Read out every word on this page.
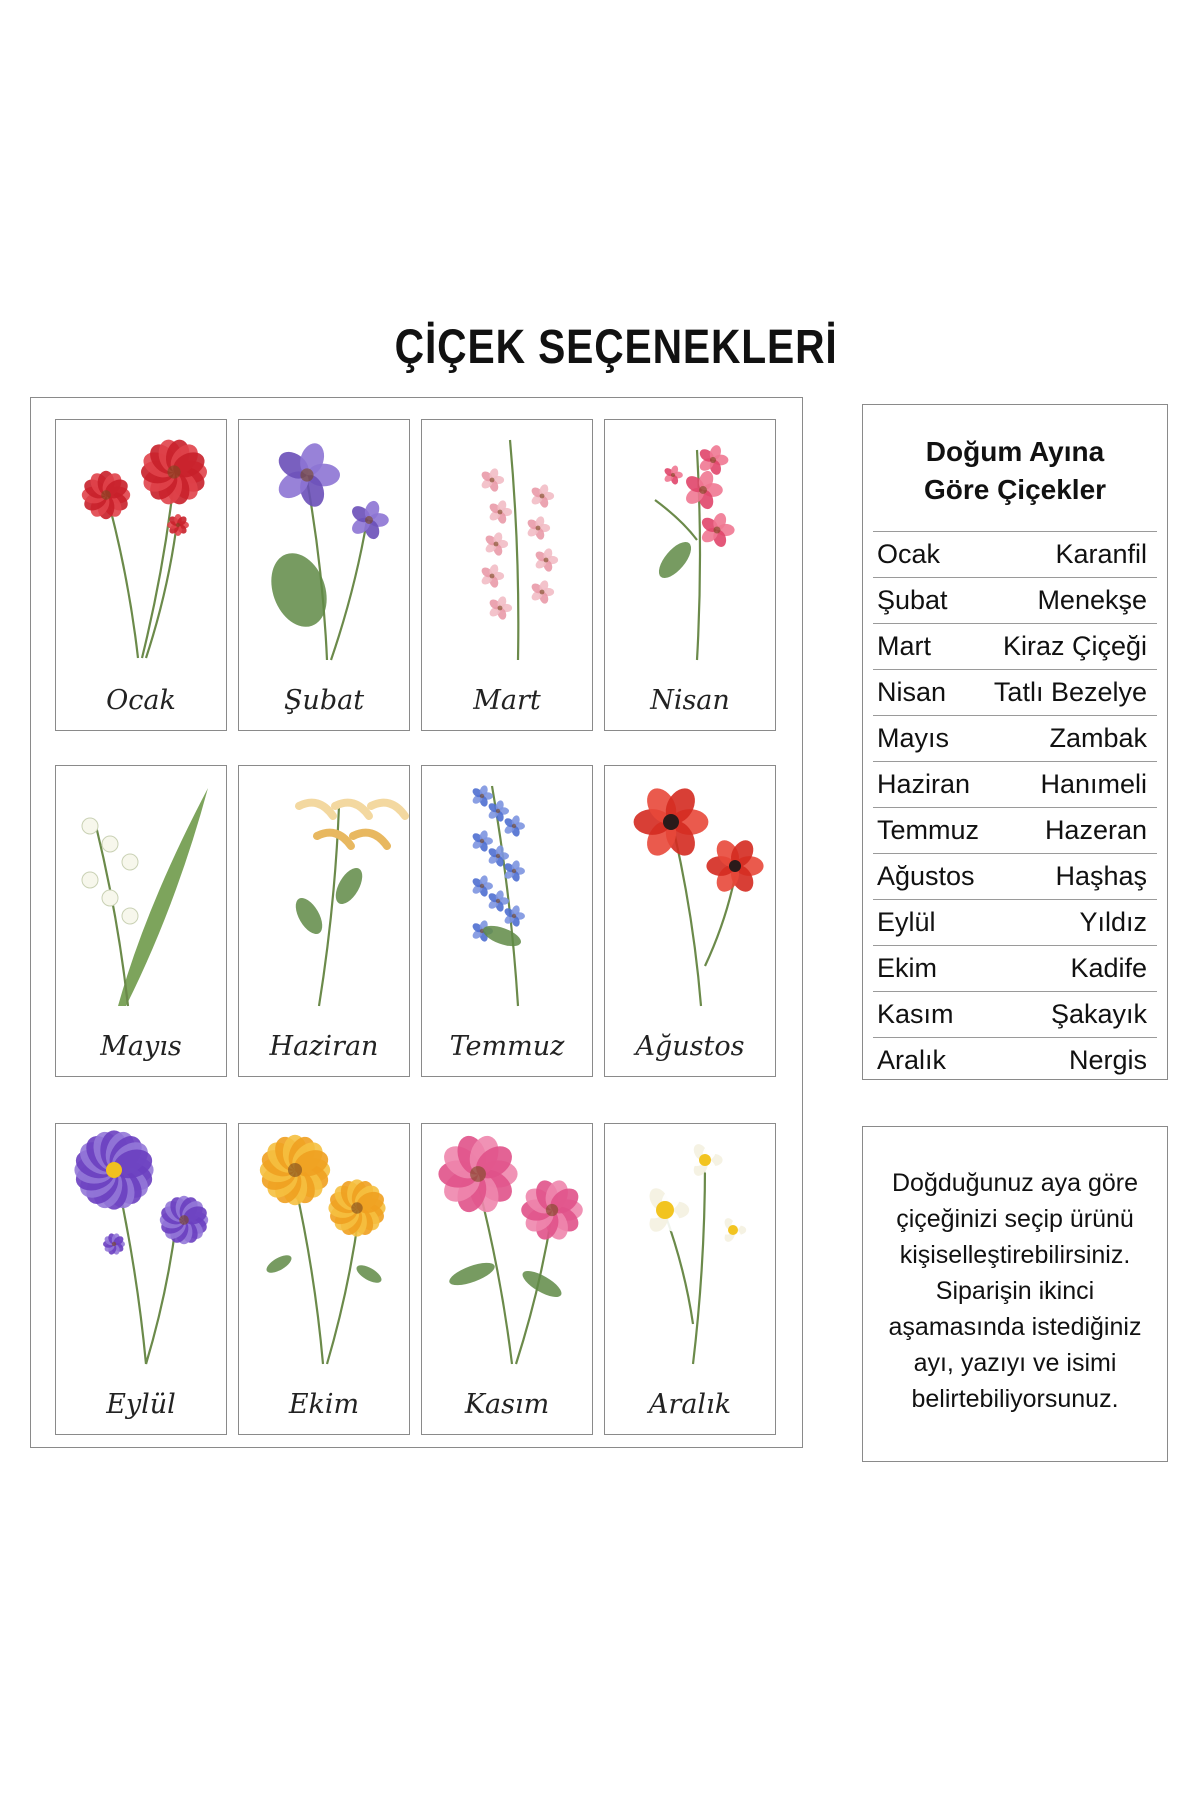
ÇİÇEK SEÇENEKLERİ
Ocak	Şubat	Mart	Nisan
Mayıs	Haziran	Temmuz	Ağustos
Eylül	Ekim	Kasım	Aralık
Doğum Ayına
Göre Çiçekler
Ocak	Karanfil
Şubat	Menekşe
Mart	Kiraz Çiçeği
Nisan Tatlı Bezelye
Mayıs	Zambak
Haziran	Hanımeli
Temmuz Hazeran
Ağustos	Haşhaş
Eylül	Yıldız
Ekim	Kadife
Kasım	Şakayık
Aralık	Nergis
Doğduğunuz aya göre
çiçeğinizi seçip ürünü
kişiselleştirebilirsiniz.
Siparişin ikinci
aşamasında istediğiniz
ayı, yazıyı ve isimi
belirtebiliyorsunuz.
